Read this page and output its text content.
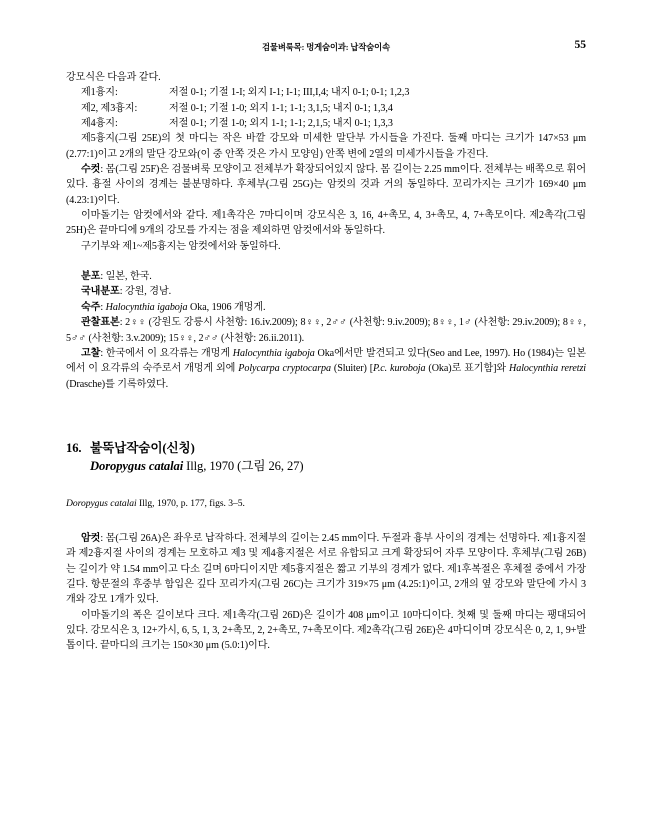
검물벼룩목: 멍게숨이과: 납작숨이속	55

강모식은 다음과 같다.

제1흉지:	저절 0-1; 기절 1-I; 외지 I-1; I-1; III,I,4; 내지 0-1; 0-1; 1,2,3
제2, 제3흉지:	저절 0-1; 기절 1-0; 외지 1-1; 1-1; 3,1,5; 내지 0-1; 1,3,4
제4흉지:	저절 0-1; 기절 1-0; 외지 1-1; 1-1; 2,1,5; 내지 0-1; 1,3,3

제5흉지(그림 25E)의 첫 마디는 작은 바깥 강모와 미세한 말단부 가시들을 가진다. 둘째 마디는 크기가 147×53 μm (2.77:1)이고 2개의 말단 강모와(이 중 안쪽 것은 가시 모양임) 안쪽 변에 2열의 미세가시들을 가진다.

수컷: 몸(그림 25F)은 검물벼룩 모양이고 전체부가 확장되어있지 않다. 몸 길이는 2.25 mm이다. 전체부는 배쪽으로 휘어있다. 흉절 사이의 경계는 불분명하다. 후체부(그림 25G)는 암컷의 것과 거의 동일하다. 꼬리가지는 크기가 169×40 μm (4.23:1)이다.

이마돌기는 암컷에서와 같다. 제1촉각은 7마디이며 강모식은 3, 16, 4+촉모, 4, 3+촉모, 4, 7+촉모이다. 제2촉각(그림 25H)은 끝마디에 9개의 강모를 가지는 점을 제외하면 암컷에서와 동일하다.

구기부와 제1~제5흉지는 암컷에서와 동일하다.

분포: 일본, 한국.

국내분포: 강원, 경남.

숙주: Halocynthia igaboja Oka, 1906 개멍게.

관찰표본: 2♀♀ (강원도 강릉시 사천항: 16.iv.2009); 8♀♀, 2♂♂ (사천항: 9.iv.2009); 8♀♀, 1♂ (사천항: 29.iv.2009); 8♀♀, 5♂♂ (사천항: 3.v.2009); 15♀♀, 2♂♂ (사천항: 26.ii.2011).

고찰: 한국에서 이 요각류는 개멍게 Halocynthia igaboja Oka에서만 발견되고 있다(Seo and Lee, 1997). Ho (1984)는 일본에서 이 요각류의 숙주로서 개멍게 외에 Polycarpa cryptocarpa (Sluiter) [P.c. kuroboja (Oka)로 표기함]와 Halocynthia reretzi (Drasche)를 기록하였다.

16. 불뚝납작숨이(신칭)
Doropygus catalai Illg, 1970 (그림 26, 27)

Doropygus catalai Illg, 1970, p. 177, figs. 3–5.

암컷: 몸(그림 26A)은 좌우로 납작하다. 전체부의 길이는 2.45 mm이다. 두절과 흉부 사이의 경계는 선명하다. 제1흉지절과 제2흉지절 사이의 경계는 모호하고 제3 및 제4흉지절은 서로 유합되고 크게 확장되어 자루 모양이다. 후체부(그림 26B)는 길이가 약 1.54 mm이고 다소 길며 6마디이지만 제5흉지절은 짧고 기부의 경계가 없다. 제1후복절은 후체절 중에서 가장 길다. 항문절의 후중부 함입은 깊다 꼬리가지(그림 26C)는 크기가 319×75 μm (4.25:1)이고, 2개의 옆 강모와 말단에 가시 3개와 강모 1개가 있다.

이마돌기의 폭은 길이보다 크다. 제1촉각(그림 26D)은 길이가 408 μm이고 10마디이다. 첫째 및 둘째 마디는 팽대되어 있다. 강모식은 3, 12+가시, 6, 5, 1, 3, 2+촉모, 2, 2+촉모, 7+촉모이다. 제2촉각(그림 26E)은 4마디이며 강모식은 0, 2, 1, 9+발톱이다. 끝마디의 크기는 150×30 μm (5.0:1)이다.
